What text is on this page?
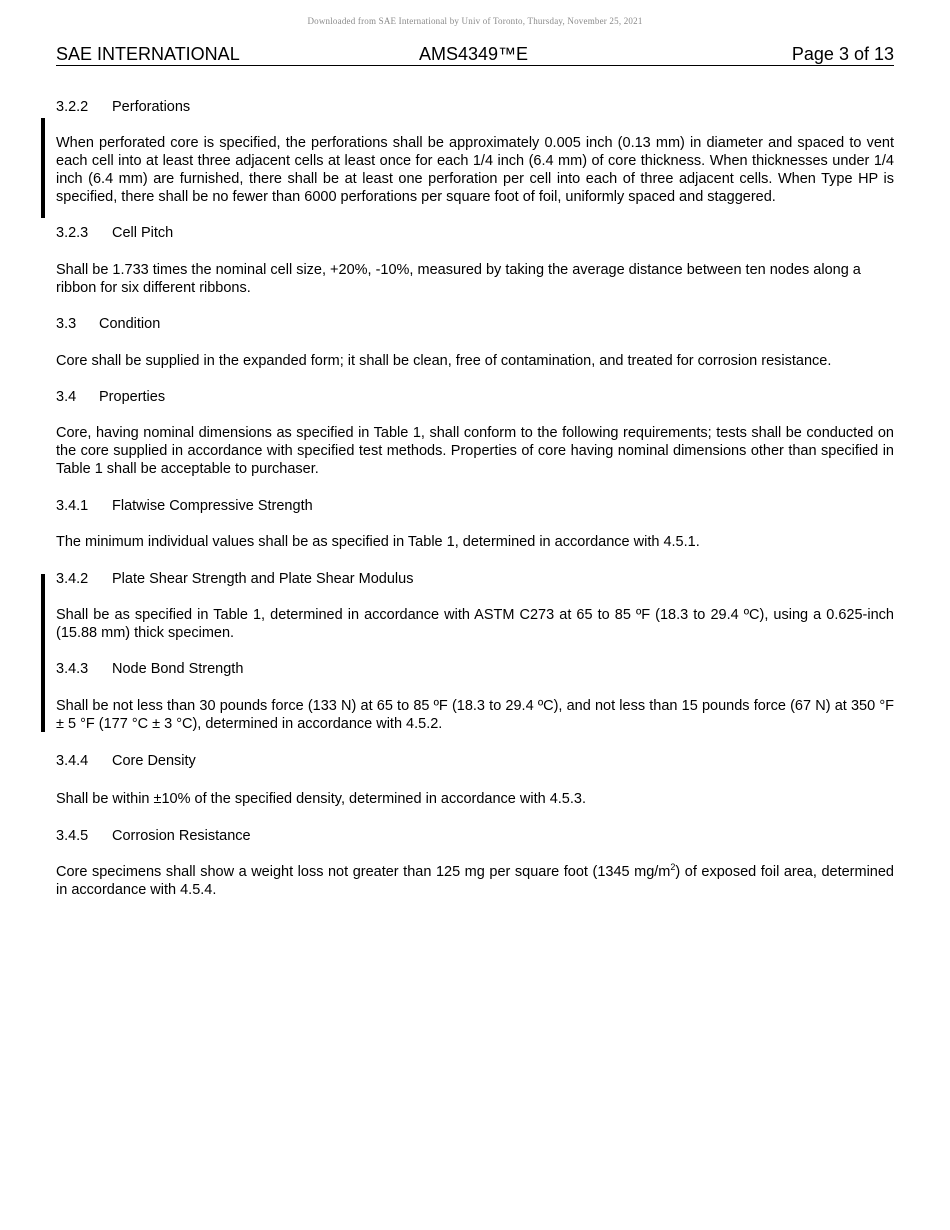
Downloaded from SAE International by Univ of Toronto, Thursday, November 25, 2021
SAE INTERNATIONAL	AMS4349™E	Page 3 of 13
3.2.2 Perforations
When perforated core is specified, the perforations shall be approximately 0.005 inch (0.13 mm) in diameter and spaced to vent each cell into at least three adjacent cells at least once for each 1/4 inch (6.4 mm) of core thickness. When thicknesses under 1/4 inch (6.4 mm) are furnished, there shall be at least one perforation per cell into each of three adjacent cells. When Type HP is specified, there shall be no fewer than 6000 perforations per square foot of foil, uniformly spaced and staggered.
3.2.3 Cell Pitch
Shall be 1.733 times the nominal cell size, +20%, -10%, measured by taking the average distance between ten nodes along a ribbon for six different ribbons.
3.3 Condition
Core shall be supplied in the expanded form; it shall be clean, free of contamination, and treated for corrosion resistance.
3.4 Properties
Core, having nominal dimensions as specified in Table 1, shall conform to the following requirements; tests shall be conducted on the core supplied in accordance with specified test methods. Properties of core having nominal dimensions other than specified in Table 1 shall be acceptable to purchaser.
3.4.1 Flatwise Compressive Strength
The minimum individual values shall be as specified in Table 1, determined in accordance with 4.5.1.
3.4.2 Plate Shear Strength and Plate Shear Modulus
Shall be as specified in Table 1, determined in accordance with ASTM C273 at 65 to 85 ºF (18.3 to 29.4 ºC), using a 0.625-inch (15.88 mm) thick specimen.
3.4.3 Node Bond Strength
Shall be not less than 30 pounds force (133 N) at 65 to 85 ºF (18.3 to 29.4 ºC), and not less than 15 pounds force (67 N) at 350 °F ± 5 °F (177 °C ± 3 °C), determined in accordance with 4.5.2.
3.4.4 Core Density
Shall be within ±10% of the specified density, determined in accordance with 4.5.3.
3.4.5 Corrosion Resistance
Core specimens shall show a weight loss not greater than 125 mg per square foot (1345 $mg/m^2$) of exposed foil area, determined in accordance with 4.5.4.
